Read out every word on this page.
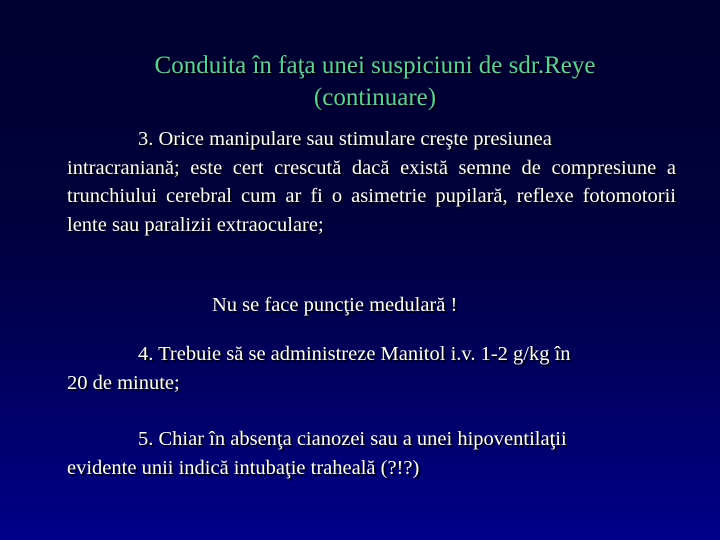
Conduita în faţa unei suspiciuni de sdr.Reye
(continuare)
3. Orice manipulare sau stimulare creşte presiunea
intracraniană; este cert crescută dacă există semne de compresiune a trunchiului cerebral cum ar fi o asimetrie pupilară, reflexe fotomotorii lente sau paralizii extraoculare;
Nu se face puncţie medulară !
4. Trebuie să se administreze Manitol i.v. 1-2 g/kg în
20 de minute;
5. Chiar în absenţa cianozei sau a unei hipoventilaţii
evidente unii indică intubaţie traheală (?!?)
